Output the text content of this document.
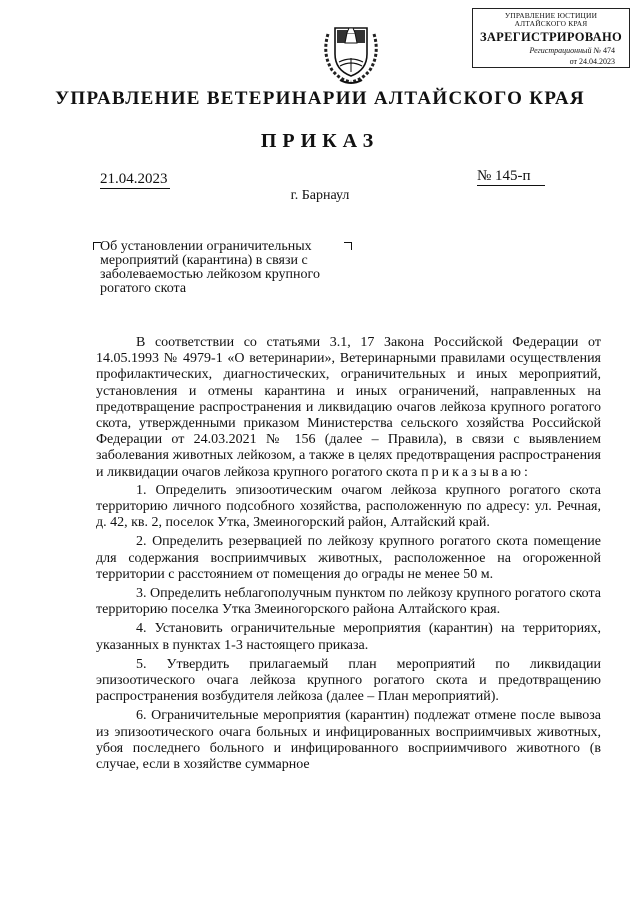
УПРАВЛЕНИЕ ЮСТИЦИИ
АЛТАЙСКОГО КРАЯ
ЗАРЕГИСТРИРОВАНО
Регистрационный № 474
от 24.04.2023
УПРАВЛЕНИЕ ВЕТЕРИНАРИИ АЛТАЙСКОГО КРАЯ
ПРИКАЗ
21.04.2023	№ 145-п
г. Барнаул
Об установлении ограничительных мероприятий (карантина) в связи с заболеваемостью лейкозом крупного рогатого скота

В соответствии со статьями 3.1, 17 Закона Российской Федерации от 14.05.1993 № 4979-1 «О ветеринарии», Ветеринарными правилами осуществления профилактических, диагностических, ограничительных и иных мероприятий, установления и отмены карантина и иных ограничений, направленных на предотвращение распространения и ликвидацию очагов лейкоза крупного рогатого скота, утвержденными приказом Министерства сельского хозяйства Российской Федерации от 24.03.2021 № 156 (далее – Правила), в связи с выявлением заболевания животных лейкозом, а также в целях предотвращения распространения и ликвидации очагов лейкоза крупного рогатого скота приказываю:

1. Определить эпизоотическим очагом лейкоза крупного рогатого скота территорию личного подсобного хозяйства, расположенную по адресу: ул. Речная, д. 42, кв. 2, поселок Утка, Змеиногорский район, Алтайский край.

2. Определить резервацией по лейкозу крупного рогатого скота помещение для содержания восприимчивых животных, расположенное на огороженной территории с расстоянием от помещения до ограды не менее 50 м.

3. Определить неблагополучным пунктом по лейкозу крупного рогатого скота территорию поселка Утка Змеиногорского района Алтайского края.

4. Установить ограничительные мероприятия (карантин) на территориях, указанных в пунктах 1-3 настоящего приказа.

5. Утвердить прилагаемый план мероприятий по ликвидации эпизоотического очага лейкоза крупного рогатого скота и предотвращению распространения возбудителя лейкоза (далее – План мероприятий).

6. Ограничительные мероприятия (карантин) подлежат отмене после вывоза из эпизоотического очага больных и инфицированных восприимчивых животных, убоя последнего больного и инфицированного восприимчивого животного (в случае, если в хозяйстве суммарное
